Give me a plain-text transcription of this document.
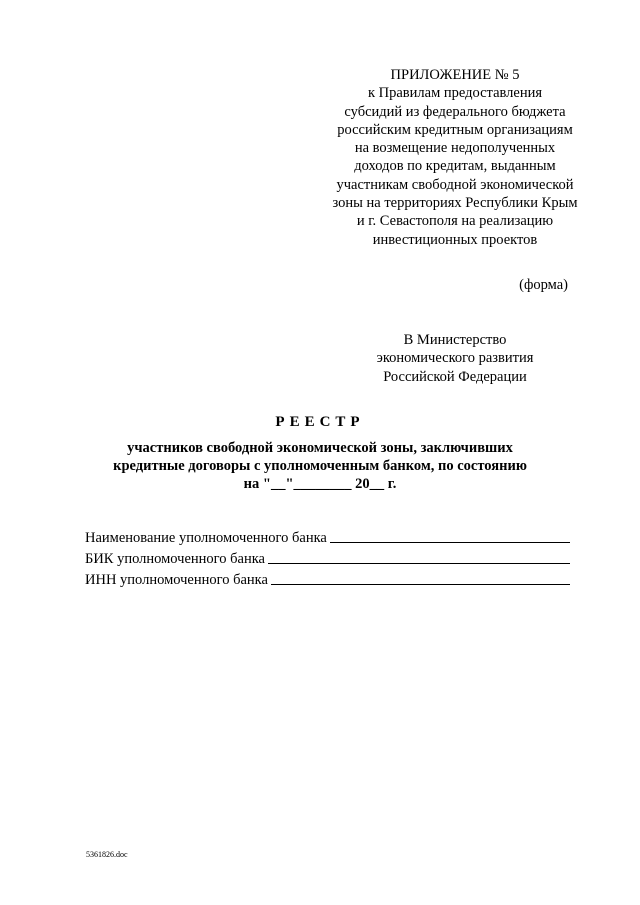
ПРИЛОЖЕНИЕ № 5
к Правилам предоставления
субсидий из федерального бюджета
российским кредитным организациям
на возмещение недополученных
доходов по кредитам, выданным
участникам свободной экономической
зоны на территориях Республики Крым
и г. Севастополя на реализацию
инвестиционных проектов
(форма)
В Министерство
экономического развития
Российской Федерации
РЕЕСТР
участников свободной экономической зоны, заключивших
кредитные договоры с уполномоченным банком, по состоянию
на "__"________ 20__ г.
Наименование уполномоченного банка
БИК уполномоченного банка
ИНН уполномоченного банка
5361826.doc
